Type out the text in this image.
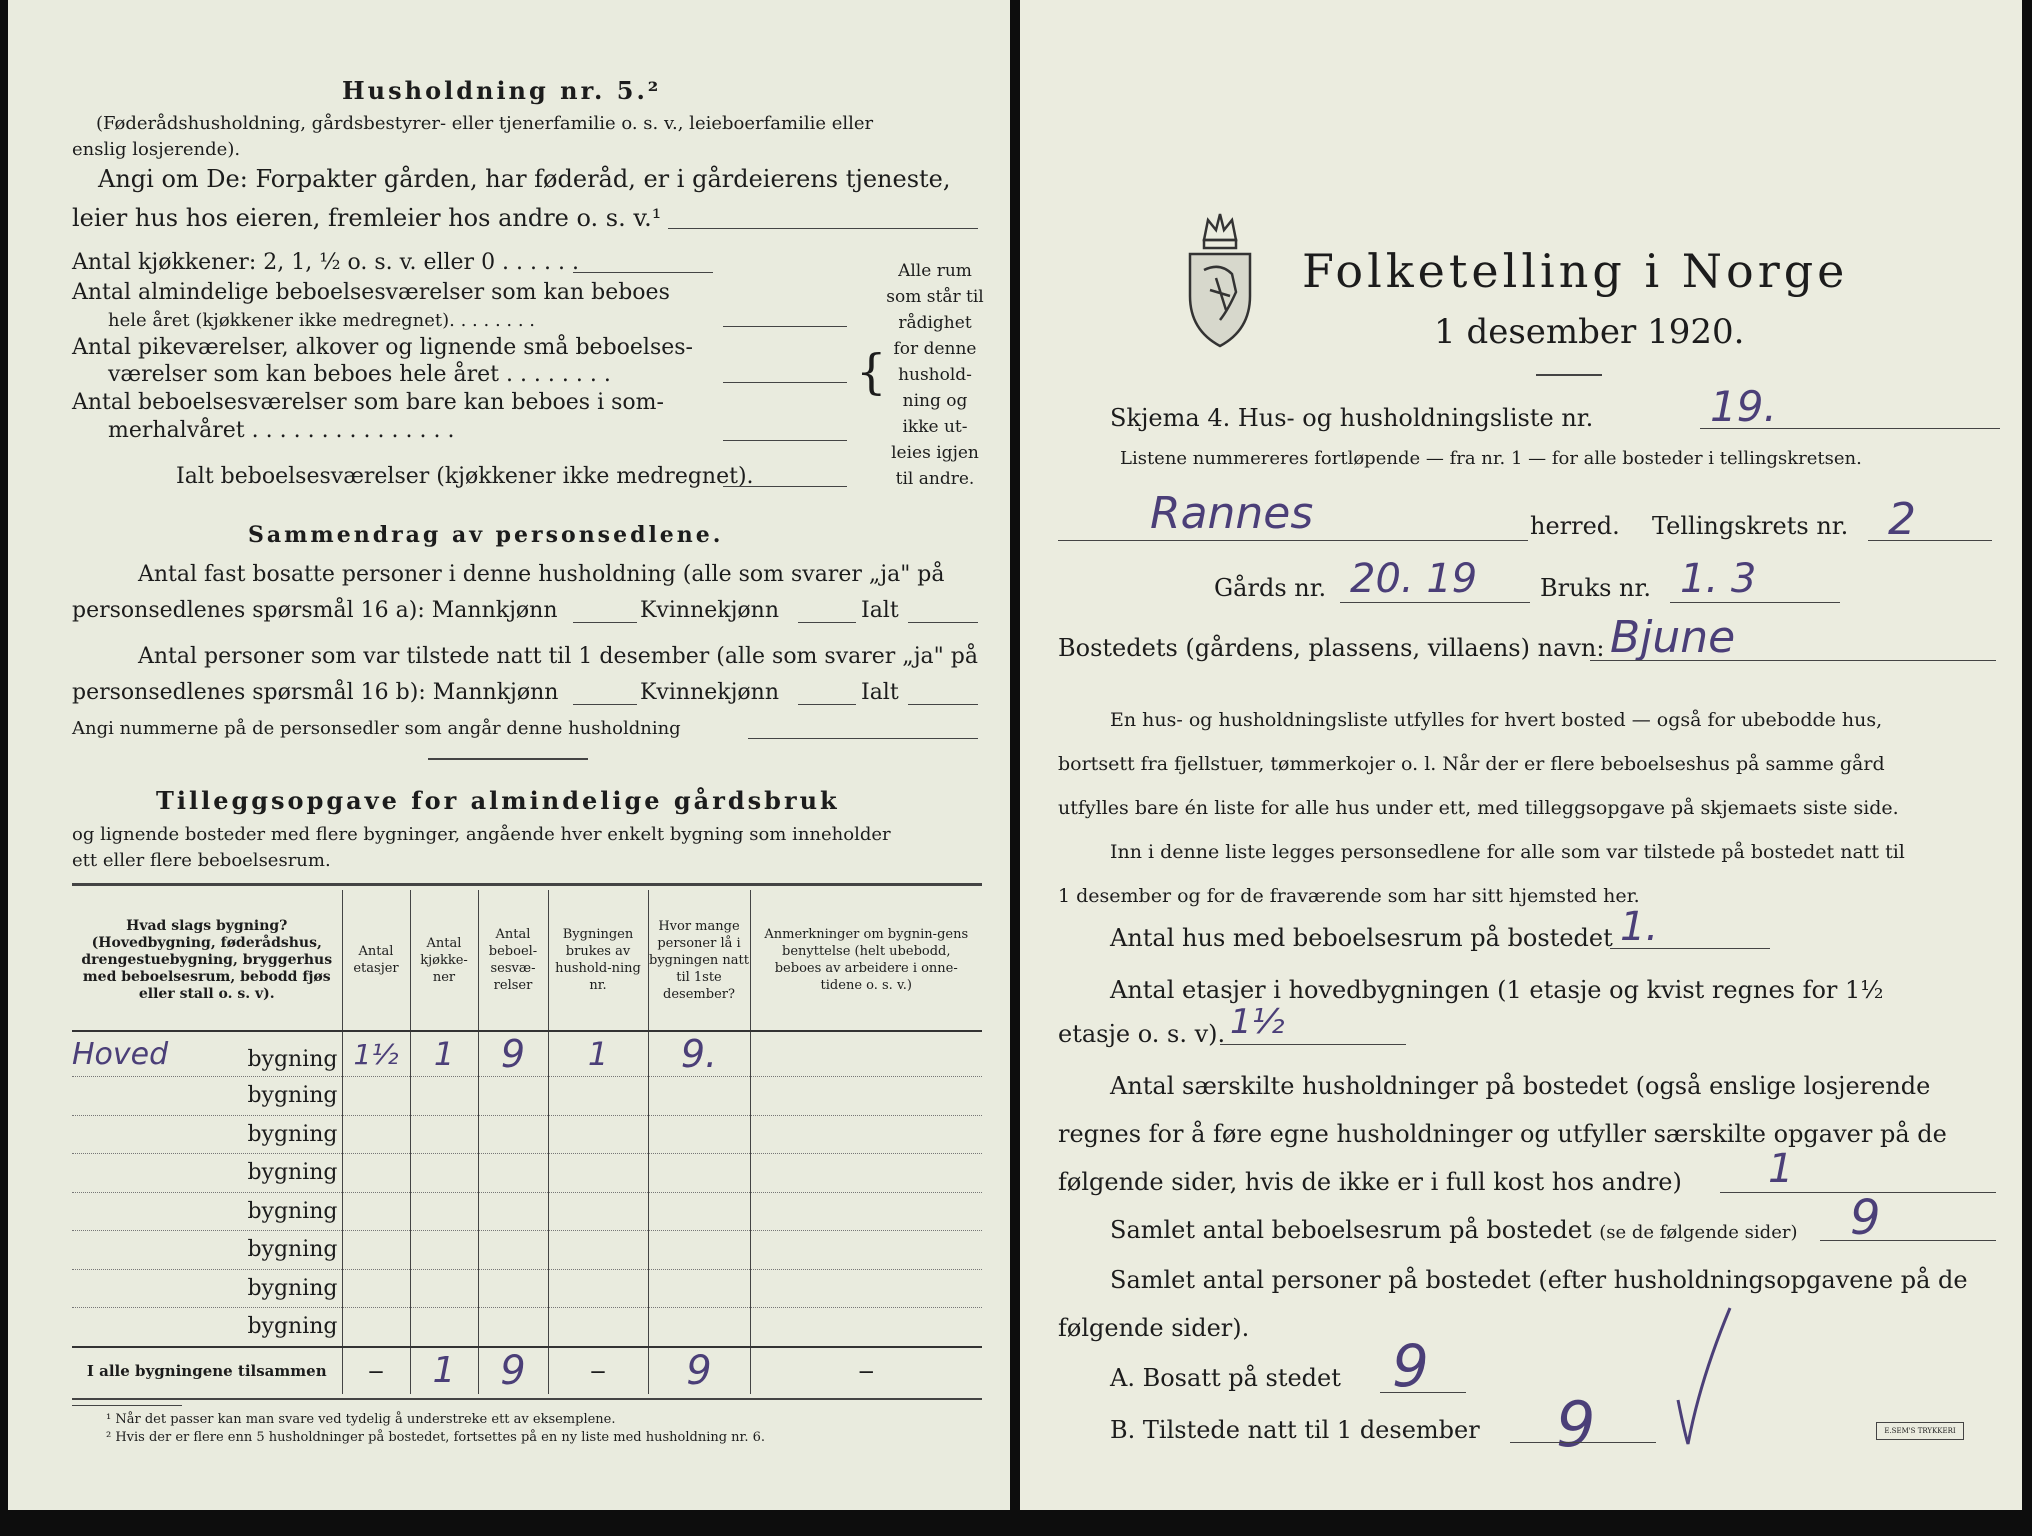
Husholdning nr. 5.²
(Føderådshusholdning, gårdsbestyrer- eller tjenerfamilie o. s. v., leieboerfamilie eller
enslig losjerende).
Angi om De: Forpakter gården, har føderåd, er i gårdeierens tjeneste,
leier hus hos eieren, fremleier hos andre o. s. v.¹
Antal kjøkkener: 2, 1, ½ o. s. v. eller 0 . . . . . .
Antal almindelige beboelsesværelser som kan beboes
hele året (kjøkkener ikke medregnet). . . . . . . .
Antal pikeværelser, alkover og lignende små beboelses-
værelser som kan beboes hele året . . . . . . . .
Antal beboelsesværelser som bare kan beboes i som-
merhalvåret . . . . . . . . . . . . . . .
Ialt beboelsesværelser (kjøkkener ikke medregnet).
{
Alle rum
som står til
rådighet
for denne
hushold-
ning og
ikke ut-
leies igjen
til andre.
Sammendrag av personsedlene.
Antal fast bosatte personer i denne husholdning (alle som svarer „ja" på
personsedlenes spørsmål 16 a): Mannkjønn	Kvinnekjønn	Ialt
Antal personer som var tilstede natt til 1 desember (alle som svarer „ja" på
personsedlenes spørsmål 16 b): Mannkjønn	Kvinnekjønn	Ialt
Angi nummerne på de personsedler som angår denne husholdning
Tilleggsopgave for almindelige gårdsbruk
og lignende bosteder med flere bygninger, angående hver enkelt bygning som inneholder
ett eller flere beboelsesrum.
Hvad slags bygning? (Hovedbygning, føderådshus, drengestuebygning, bryggerhus med beboelsesrum, bebodd fjøs eller stall o. s. v).	Antal etasjer	Antal kjøkke-ner	Antal beboel-sesvæ-relser	Bygningen brukes av hushold-ning nr.	Hvor mange personer lå i bygningen natt til 1ste desember?	Anmerkninger om bygnin-gens benyttelse (helt ubebodd, beboes av arbeidere i onne-tidene o. s. v.)
Hoved bygning	1½	1	9	1	9.	
bygning						
bygning						
bygning						
bygning						
bygning						
bygning						
bygning						
I alle bygningene tilsammen	—	1	9	—	9	—
¹ Når det passer kan man svare ved tydelig å understreke ett av eksemplene.
² Hvis der er flere enn 5 husholdninger på bostedet, fortsettes på en ny liste med husholdning nr. 6.
Folketelling i Norge
1 desember 1920.
Skjema 4. Hus- og husholdningsliste nr.	19.
Listene nummereres fortløpende — fra nr. 1 — for alle bosteder i tellingskretsen.
Rannes	herred. Tellingskrets nr. 2
Gårds nr. 20. 19	Bruks nr. 1. 3
Bostedets (gårdens, plassens, villaens) navn: Bjune
En hus- og husholdningsliste utfylles for hvert bosted — også for ubebodde hus,
bortsett fra fjellstuer, tømmerkojer o. l. Når der er flere beboelseshus på samme gård
utfylles bare én liste for alle hus under ett, med tilleggsopgave på skjemaets siste side.
Inn i denne liste legges personsedlene for alle som var tilstede på bostedet natt til
1 desember og for de fraværende som har sitt hjemsted her.
Antal hus med beboelsesrum på bostedet 1.
Antal etasjer i hovedbygningen (1 etasje og kvist regnes for 1½
etasje o. s. v). 1½
Antal særskilte husholdninger på bostedet (også enslige losjerende
regnes for å føre egne husholdninger og utfyller særskilte opgaver på de
følgende sider, hvis de ikke er i full kost hos andre) 1
Samlet antal beboelsesrum på bostedet (se de følgende sider) 9
Samlet antal personer på bostedet (efter husholdningsopgavene på de
følgende sider).
A. Bosatt på stedet 9
B. Tilstede natt til 1 desember 9	E.SEM'S TRYKKERI
